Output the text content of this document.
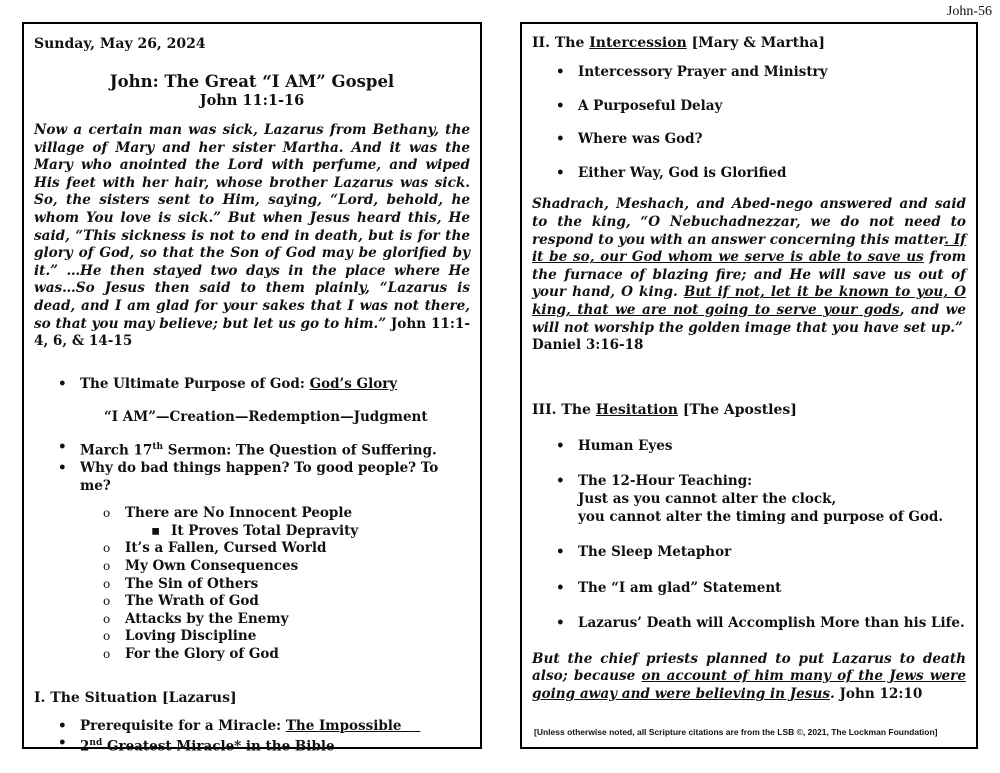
John-56
Sunday, May 26, 2024
John: The Great “I AM” Gospel
John 11:1-16
Now a certain man was sick, Lazarus from Bethany, the village of Mary and her sister Martha. And it was the Mary who anointed the Lord with perfume, and wiped His feet with her hair, whose brother Lazarus was sick. So, the sisters sent to Him, saying, “Lord, behold, he whom You love is sick.” But when Jesus heard this, He said, “This sickness is not to end in death, but is for the glory of God, so that the Son of God may be glorified by it.” …He then stayed two days in the place where He was…So Jesus then said to them plainly, “Lazarus is dead, and I am glad for your sakes that I was not there, so that you may believe; but let us go to him.” John 11:1-4, 6, & 14-15
• The Ultimate Purpose of God: God’s Glory
“I AM”—Creation—Redemption—Judgment
• March 17th Sermon: The Question of Suffering.
• Why do bad things happen? To good people? To me?
o There are No Innocent People
▪ It Proves Total Depravity
o It’s a Fallen, Cursed World
o My Own Consequences
o The Sin of Others
o The Wrath of God
o Attacks by the Enemy
o Loving Discipline
o For the Glory of God
I. The Situation [Lazarus]
• Prerequisite for a Miracle: The Impossible
• 2nd Greatest Miracle* in the Bible
II. The Intercession [Mary & Martha]
• Intercessory Prayer and Ministry
• A Purposeful Delay
• Where was God?
• Either Way, God is Glorified
Shadrach, Meshach, and Abed-nego answered and said to the king, “O Nebuchadnezzar, we do not need to respond to you with an answer concerning this matter. If it be so, our God whom we serve is able to save us from the furnace of blazing fire; and He will save us out of your hand, O king. But if not, let it be known to you, O king, that we are not going to serve your gods, and we will not worship the golden image that you have set up.”
Daniel 3:16-18
III. The Hesitation [The Apostles]
• Human Eyes
• The 12-Hour Teaching:
Just as you cannot alter the clock,
you cannot alter the timing and purpose of God.
• The Sleep Metaphor
• The “I am glad” Statement
• Lazarus’ Death will Accomplish More than his Life.
But the chief priests planned to put Lazarus to death also; because on account of him many of the Jews were going away and were believing in Jesus. John 12:10
[Unless otherwise noted, all Scripture citations are from the LSB ©, 2021, The Lockman Foundation]
